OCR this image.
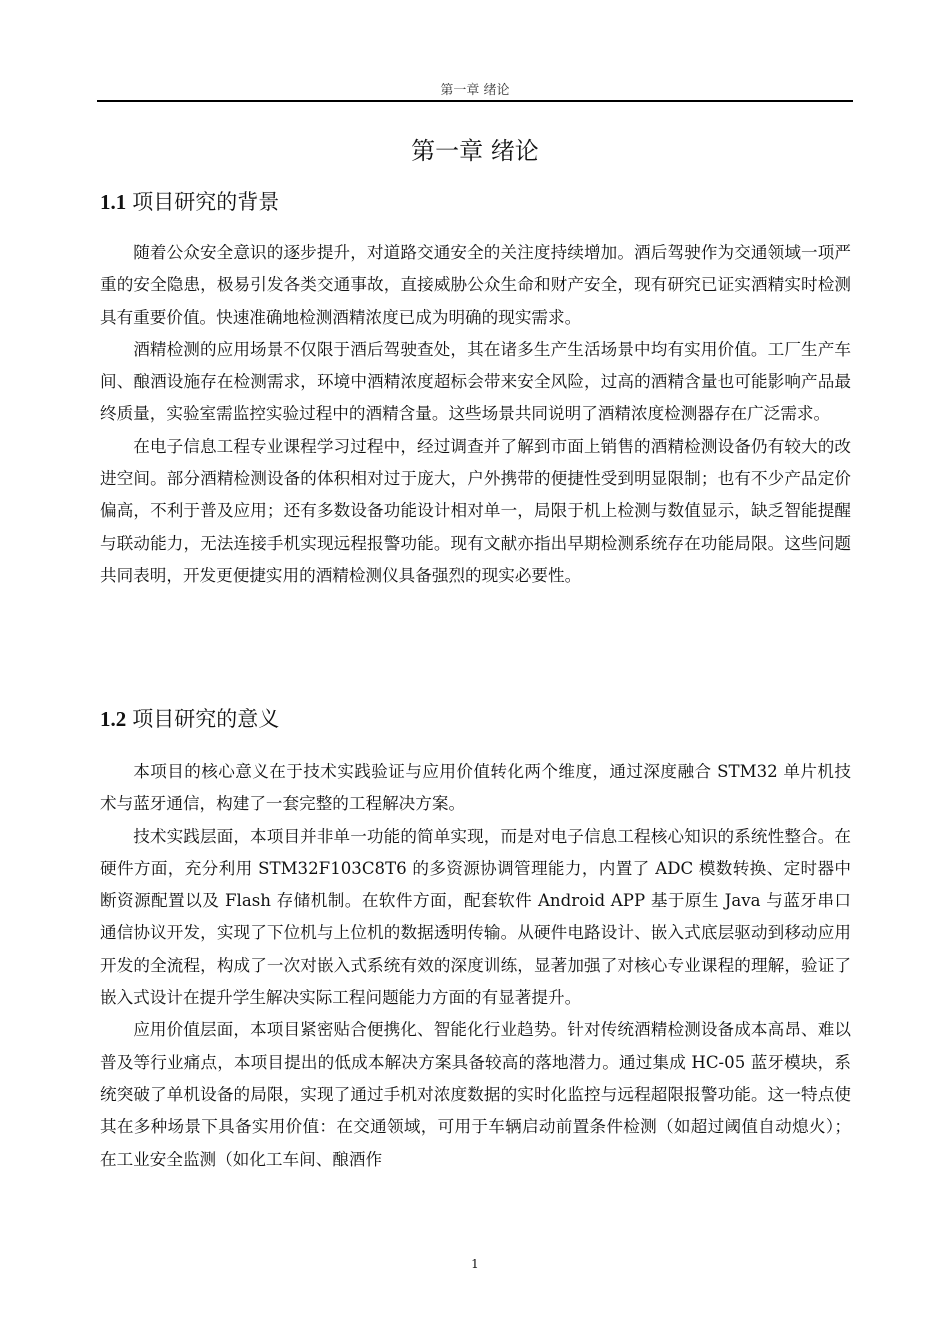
第一章 绪论
第一章 绪论
1.1 项目研究的背景

随着公众安全意识的逐步提升，对道路交通安全的关注度持续增加。酒后驾驶作为交通领域一项严重的安全隐患，极易引发各类交通事故，直接威胁公众生命和财产安全，现有研究已证实酒精实时检测具有重要价值。快速准确地检测酒精浓度已成为明确的现实需求。

酒精检测的应用场景不仅限于酒后驾驶查处，其在诸多生产生活场景中均有实用价值。工厂生产车间、酿酒设施存在检测需求，环境中酒精浓度超标会带来安全风险，过高的酒精含量也可能影响产品最终质量，实验室需监控实验过程中的酒精含量。这些场景共同说明了酒精浓度检测器存在广泛需求。

在电子信息工程专业课程学习过程中，经过调查并了解到市面上销售的酒精检测设备仍有较大的改进空间。部分酒精检测设备的体积相对过于庞大，户外携带的便捷性受到明显限制；也有不少产品定价偏高，不利于普及应用；还有多数设备功能设计相对单一，局限于机上检测与数值显示，缺乏智能提醒与联动能力，无法连接手机实现远程报警功能。现有文献亦指出早期检测系统存在功能局限。这些问题共同表明，开发更便捷实用的酒精检测仪具备强烈的现实必要性。

1.2 项目研究的意义

本项目的核心意义在于技术实践验证与应用价值转化两个维度，通过深度融合 STM32 单片机技术与蓝牙通信，构建了一套完整的工程解决方案。

技术实践层面，本项目并非单一功能的简单实现，而是对电子信息工程核心知识的系统性整合。在硬件方面，充分利用 STM32F103C8T6 的多资源协调管理能力，内置了 ADC 模数转换、定时器中断资源配置以及 Flash 存储机制。在软件方面，配套软件 Android APP 基于原生 Java 与蓝牙串口通信协议开发，实现了下位机与上位机的数据透明传输。从硬件电路设计、嵌入式底层驱动到移动应用开发的全流程，构成了一次对嵌入式系统有效的深度训练，显著加强了对核心专业课程的理解，验证了嵌入式设计在提升学生解决实际工程问题能力方面的有显著提升。

应用价值层面，本项目紧密贴合便携化、智能化行业趋势。针对传统酒精检测设备成本高昂、难以普及等行业痛点，本项目提出的低成本解决方案具备较高的落地潜力。通过集成 HC-05 蓝牙模块，系统突破了单机设备的局限，实现了通过手机对浓度数据的实时化监控与远程超限报警功能。这一特点使其在多种场景下具备实用价值：在交通领域，可用于车辆启动前置条件检测（如超过阈值自动熄火）；在工业安全监测（如化工车间、酿酒作

1
